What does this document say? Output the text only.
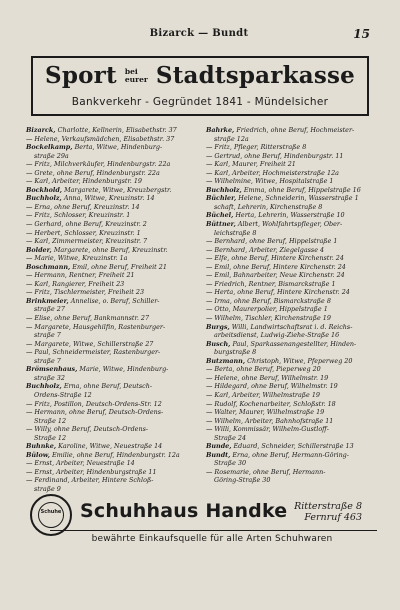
Bizarck — Bundt	15
Sport bei
eurer Stadtsparkasse
Bankverkehr - Gegründet 1841 - Mündelsicher
Bizarck, Charlotte, Kellnerin, Elisabethstr. 37
— Helene, Verkaufsmädchen, Elisabethstr. 37
Bockelkamp, Berta, Witwe, Hindenburg-
straße 29a
— Fritz, Milchverkäufer, Hindenburgstr. 22a
— Grete, ohne Beruf, Hindenburgstr. 22a
— Karl, Arbeiter, Hindenburgstr. 19
Bockhold, Margarete, Witwe, Kreuzbergstr.
Buchholz, Anna, Witwe, Kreuzinstr. 14
— Erna, ohne Beruf, Kreuzinstr. 14
— Fritz, Schlosser, Kreuzinstr. 1
— Gerhard, ohne Beruf, Kreuzinstr. 2
— Herbert, Schlosser, Kreuzinstr. 1
— Karl, Zimmermeister, Kreuzinstr. 7
Bolder, Margarete, ohne Beruf, Kreuzinstr.
— Marie, Witwe, Kreuzinstr. 1a
Boschmann, Emil, ohne Beruf, Freiheit 21
— Hermann, Rentner, Freiheit 21
— Karl, Rangierer, Freiheit 23
— Fritz, Tischlermeister, Freiheit 23
Brinkmeier, Annelise, o. Beruf, Schiller-
straße 27
— Elise, ohne Beruf, Bankmannstr. 27
— Margarete, Hausgehilfin, Rastenburger-
straße 7
— Margarete, Witwe, Schillerstraße 27
— Paul, Schneidermeister, Rastenburger-
straße 7
Brömsenhaus, Marie, Witwe, Hindenburg-
straße 32
Buchholz, Erna, ohne Beruf, Deutsch-
Ordens-Straße 12
— Fritz, Postillon, Deutsch-Ordens-Str. 12
— Hermann, ohne Beruf, Deutsch-Ordens-
Straße 12
— Willy, ohne Beruf, Deutsch-Ordens-
Straße 12
Buhnke, Karoline, Witwe, Neuestraße 14
Bülow, Emilie, ohne Beruf, Hindenburgstr. 12a
— Ernst, Arbeiter, Neuestraße 14
— Ernst, Arbeiter, Hindenburgstraße 11
— Ferdinand, Arbeiter, Hintere Schloß-
straße 9
Bahrke, Friedrich, ohne Beruf, Hochmeister-
straße 12a
— Fritz, Pfleger, Ritterstraße 8
— Gertrud, ohne Beruf, Hindenburgstr. 11
— Karl, Maurer, Freiheit 21
— Karl, Arbeiter, Hochmeisterstraße 12a
— Wilhelmine, Witwe, Hospitalstraße 1
Buchholz, Emma, ohne Beruf, Hippelstraße 16
Büchler, Helene, Schneiderin, Wasserstraße 1
schaft, Lehrerin, Kirchenstraße 8
Büchel, Herta, Lehrerin, Wasserstraße 10
Büttner, Albert, Wohlfahrtspfleger, Ober-
leichstraße 8
— Bernhard, ohne Beruf, Hippelstraße 1
— Bernhard, Arbeiter, Ziegelgasse 4
— Elfe, ohne Beruf, Hintere Kirchenstr. 24
— Emil, ohne Beruf, Hintere Kirchenstr. 24
— Emil, Bahnarbeiter, Neue Kirchenstr. 24
— Friedrich, Rentner, Bismarckstraße 1
— Herta, ohne Beruf, Hintere Kirchenstr. 24
— Irma, ohne Beruf, Bismarckstraße 8
— Otto, Maurerpolier, Hippelstraße 1
— Wilhelm, Tischler, Kirchenstraße 19
Burgs, Willi, Landwirtschaftsrat i. d. Reichs-
arbeitsdienst, Ludwig-Ziehe-Straße 16
Busch, Paul, Sparkassenangestellter, Hinden-
burgstraße 8
Butzmann, Christoph, Witwe, Pfeperweg 20
— Berta, ohne Beruf, Pieperweg 20
— Helene, ohne Beruf, Wilhelmstr. 19
— Hildegard, ohne Beruf, Wilhelmstr. 19
— Karl, Arbeiter, Wilhelmstraße 19
— Rudolf, Kochenarbeiter, Schloßstr. 18
— Walter, Maurer, Wilhelmstraße 19
— Wilhelm, Arbeiter, Bahnhofstraße 11
— Willi, Kommissär, Wilhelm-Gustloff-
Straße 24
Bunde, Eduard, Schneider, Schillerstraße 13
Bundt, Erna, ohne Beruf, Hermann-Göring-
Straße 30
— Rosemarie, ohne Beruf, Hermann-
Göring-Straße 30
Schuhe Schuhhaus Handke Ritterstraße 8
Fernruf 463
bewährte Einkaufsquelle für alle Arten Schuhwaren
